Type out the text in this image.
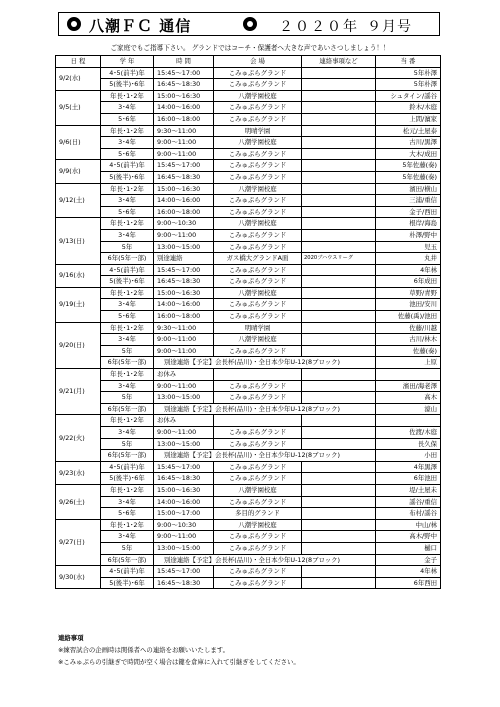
八潮ＦＣ 通信	２０２０年 ９月号
ご家庭でもご指導下さい。 グランドではコーチ・保護者へ大きな声であいさつしましょう！！
日 程	学 年	時 間	会 場	連絡事項など	当 番
9/2(水)	4･5(前半)年	15:45～17:00	こみゅぷらグランド		5年朴澤
	5(後半)･6年	16:45～18:30	こみゅぷらグランド		5年朴澤
9/5(土)	年長･1･2年	15:00～16:30	八潮学園校庭		シュタイン/謡谷
	3･4年	14:00～16:00	こみゅぷらグランド		鈴木/木庭
	5･6年	16:00～18:00	こみゅぷらグランド		上間/濵家
9/6(日)	年長･1･2年	9:30～11:00	明晴学園		松元/土屋泰
	3･4年	9:00～11:00	八潮学園校庭		古川/黒澤
	5･6年	9:00～11:00	こみゅぷらグランド		大木/成田
9/9(水)	4･5(前半)年	15:45～17:00	こみゅぷらグランド		5年佐藤(奏)
	5(後半)･6年	16:45～18:30	こみゅぷらグランド		5年佐藤(奏)
9/12(土)	年長･1･2年	15:00～16:30	八潮学園校庭		濱田/横山
	3･4年	14:00～16:00	こみゅぷらグランド		三浦/重信
	5･6年	16:00～18:00	こみゅぷらグランド		金子/西田
9/13(日)	年長･1･2年	9:00～10:30	八潮学園校庭		根岸/海島
	3･4年	9:00～11:00	こみゅぷらグランド		朴澤/野中
	5年	13:00～15:00	こみゅぷらグランド		児玉
	6年(5年一部)	別途連絡	ガス橋大グランドA面	2020ブハウスリーグ	丸井
9/16(水)	4･5(前半)年	15:45～17:00	こみゅぷらグランド		4年林
	5(後半)･6年	16:45～18:30	こみゅぷらグランド		6年成田
9/19(土)	年長･1･2年	15:00～16:30	八潮学園校庭		草野/青野
	3･4年	14:00～16:00	こみゅぷらグランド		池田/安川
	5･6年	16:00～18:00	こみゅぷらグランド		佐藤(禹)/池田
9/20(日)	年長･1･2年	9:30～11:00	明晴学園		佐藤/川越
	3･4年	9:00～11:00	八潮学園校庭		古川/林木
	5年	9:00～11:00	こみゅぷらグランド		佐藤(奏)
	6年(5年一部)	別途連絡【予定】会長杯(品川)・全日本少年U-12(8ブロック)			上原
9/21(月)	年長･1･2年	お休み			
	3･4年	9:00～11:00	こみゅぷらグランド		濱田/海老澤
	5年	13:00～15:00	こみゅぷらグランド		高木
	6年(5年一部)	別途連絡【予定】会長杯(品川)・全日本少年U-12(8ブロック)			濠山
9/22(火)	年長･1･2年	お休み			
	3･4年	9:00～11:00	こみゅぷらグランド		佐渡/木庭
	5年	13:00～15:00	こみゅぷらグランド		長久保
	6年(5年一部)	別途連絡【予定】会長杯(品川)・全日本少年U-12(8ブロック)			小田
9/23(水)	4･5(前半)年	15:45～17:00	こみゅぷらグランド		4年黒澤
	5(後半)･6年	16:45～18:30	こみゅぷらグランド		6年池田
9/26(土)	年長･1･2年	15:00～16:30	八潮学園校庭		堤/土屋未
	3･4年	14:00～16:00	こみゅぷらグランド		謡谷/重信
	5･6年	15:00～17:00	多目的グランド		布村/謡谷
9/27(日)	年長･1･2年	9:00～10:30	八潮学園校庭		中山/林
	3･4年	9:00～11:00	こみゅぷらグランド		高木/野中
	5年	13:00～15:00	こみゅぷらグランド		樋口
	6年(5年一部)	別途連絡【予定】会長杯(品川)・全日本少年U-12(8ブロック)			金子
9/30(水)	4･5(前半)年	15:45～17:00	こみゅぷらグランド		4年林
	5(後半)･6年	16:45～18:30	こみゅぷらグランド		6年西田
連絡事項
※練習試合の企画時は関係者への連絡をお願いいたします。
※こみゅぷらの引継ぎで時間が空く場合は鍵を倉庫に入れて引継ぎをしてください。
